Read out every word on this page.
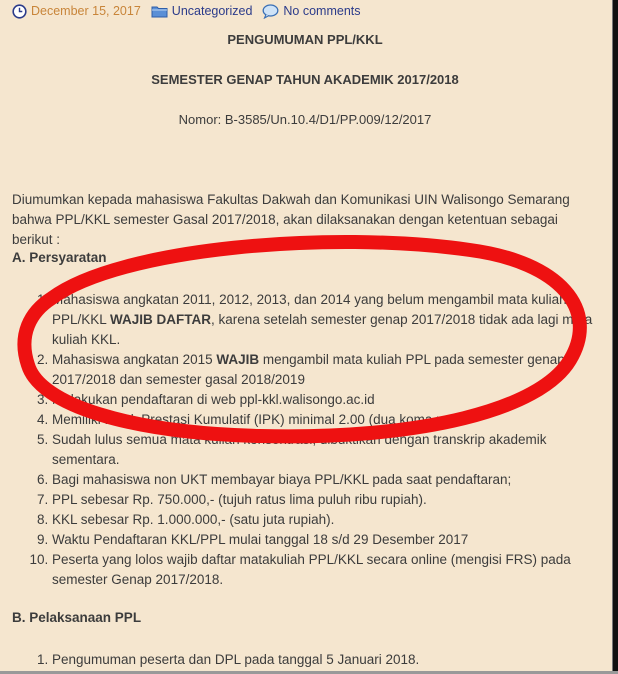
December 15, 2017 Uncategorized No comments
PENGUMUMAN PPL/KKL
SEMESTER GENAP TAHUN AKADEMIK 2017/2018
Nomor: B-3585/Un.10.4/D1/PP.009/12/2017
Diumumkan kepada mahasiswa Fakultas Dakwah dan Komunikasi UIN Walisongo Semarang bahwa PPL/KKL semester Gasal 2017/2018, akan dilaksanakan dengan ketentuan sebagai berikut :
A. Persyaratan
1. Mahasiswa angkatan 2011, 2012, 2013, dan 2014 yang belum mengambil mata kuliah PPL/KKL WAJIB DAFTAR, karena setelah semester genap 2017/2018 tidak ada lagi mata kuliah KKL.
2. Mahasiswa angkatan 2015 WAJIB mengambil mata kuliah PPL pada semester genap 2017/2018 dan semester gasal 2018/2019
3. Melakukan pendaftaran di web ppl-kkl.walisongo.ac.id
4. Memiliki Indek Prestasi Kumulatif (IPK) minimal 2.00 (dua koma nol)
5. Sudah lulus semua mata kuliah konsentrasi, dibuktikan dengan transkrip akademik sementara.
6. Bagi mahasiswa non UKT membayar biaya PPL/KKL pada saat pendaftaran;
7. PPL sebesar Rp. 750.000,- (tujuh ratus lima puluh ribu rupiah).
8. KKL sebesar Rp. 1.000.000,- (satu juta rupiah).
9. Waktu Pendaftaran KKL/PPL mulai tanggal 18 s/d 29 Desember 2017
10. Peserta yang lolos wajib daftar matakuliah PPL/KKL secara online (mengisi FRS) pada semester Genap 2017/2018.
B. Pelaksanaan PPL
1. Pengumuman peserta dan DPL pada tanggal 5 Januari 2018.
